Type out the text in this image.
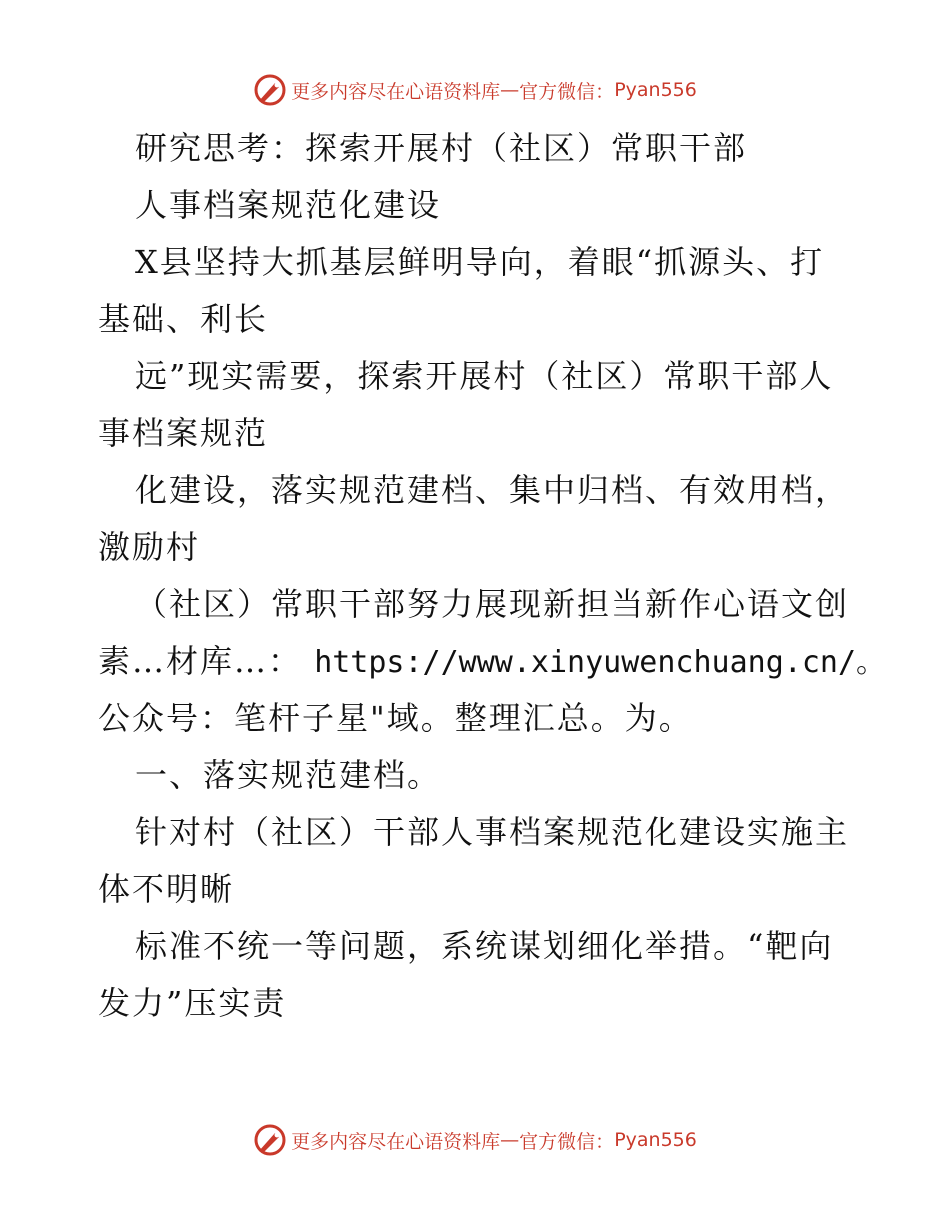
更多内容尽在心语资料库 — 官方微信： Pyan556
研究思考：探索开展村（社区）常职干部
人事档案规范化建设
X县坚持大抓基层鲜明导向，着眼“抓源头、打
基础、利长
远”现实需要，探索开展村（社区）常职干部人
事档案规范
化建设，落实规范建档、集中归档、有效用档，
激励村
（社区）常职干部努力展现新担当新作心语文创
素…材库…： https://www.xinyuwenchuang.cn/。
公众号：笔杆子星"域。整理汇总。为。
一、落实规范建档。
针对村（社区）干部人事档案规范化建设实施主
体不明晰
标准不统一等问题，系统谋划细化举措。“靶向
发力”压实责
更多内容尽在心语资料库 — 官方微信： Pyan556
